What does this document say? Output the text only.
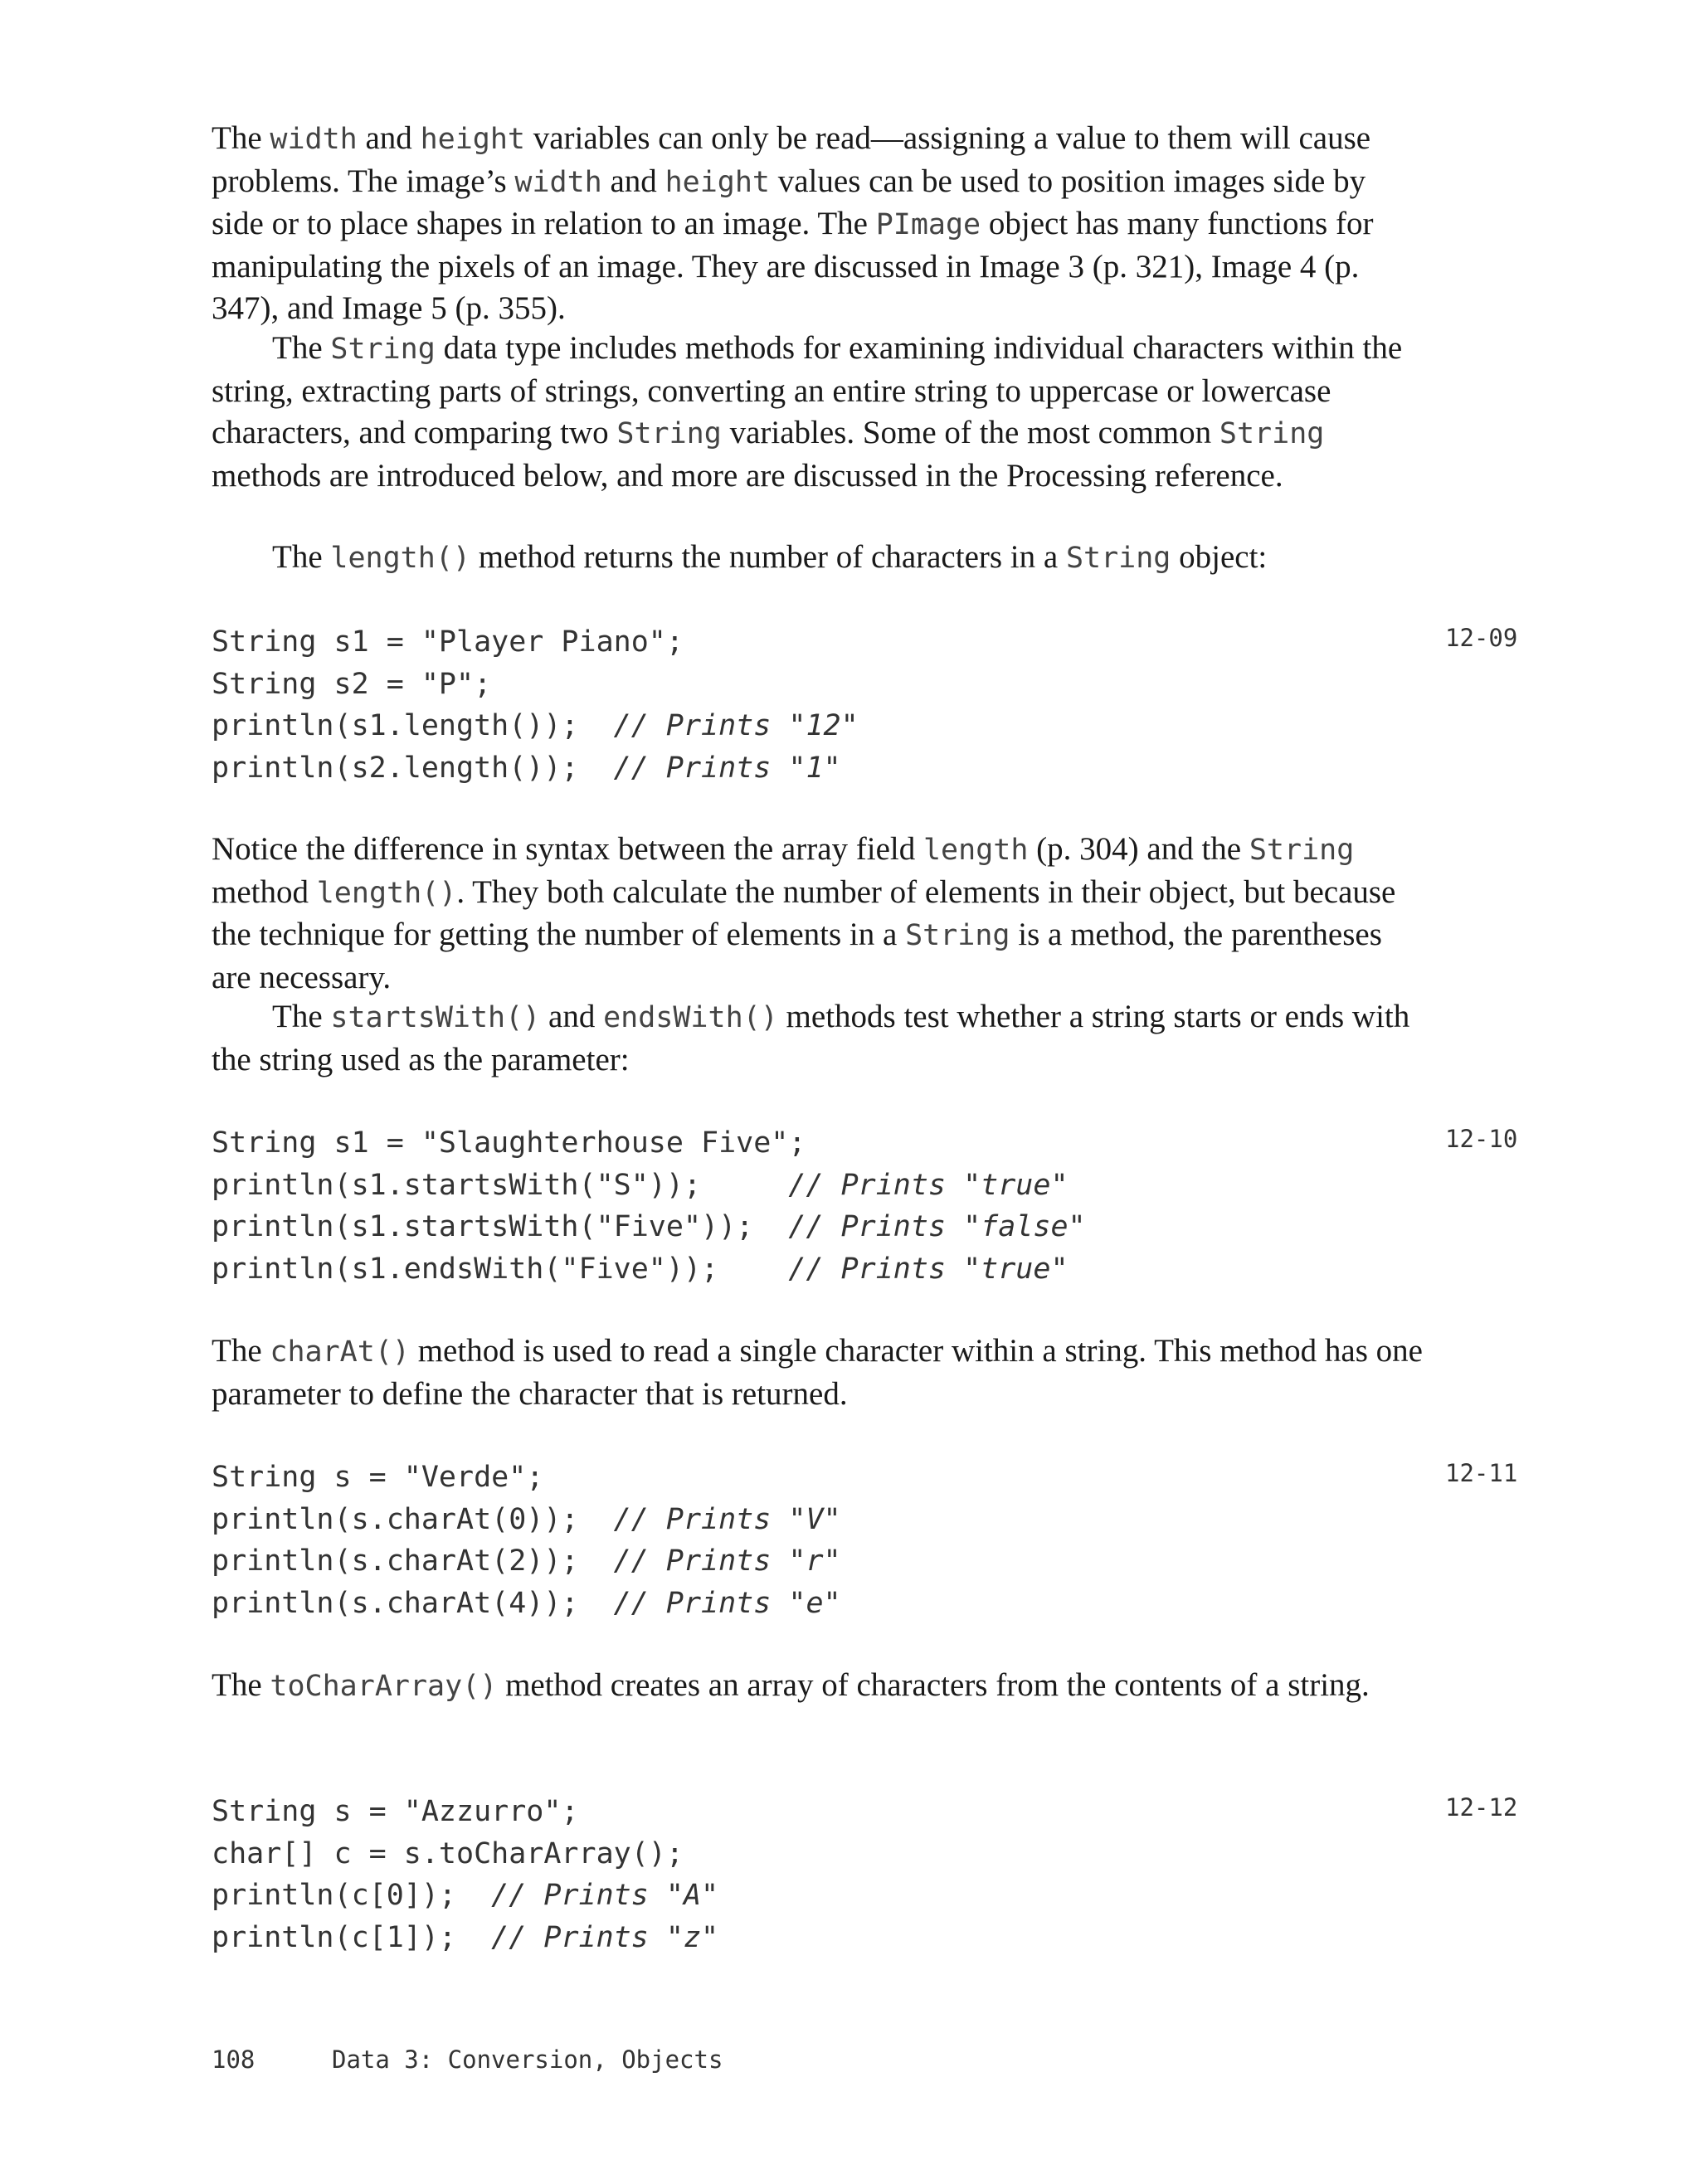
The width and height variables can only be read—assigning a value to them will cause problems. The image’s width and height values can be used to position images side by side or to place shapes in relation to an image. The PImage object has many functions for manipulating the pixels of an image. They are discussed in Image 3 (p. 321), Image 4 (p. 347), and Image 5 (p. 355).

The String data type includes methods for examining individual characters within the string, extracting parts of strings, converting an entire string to uppercase or lowercase characters, and comparing two String variables. Some of the most common String methods are introduced below, and more are discussed in the Processing reference.

The length() method returns the number of characters in a String object:

String s1 = "Player Piano";
String s2 = "P";
println(s1.length());  // Prints "12"
println(s2.length());  // Prints "1"
12-09

Notice the difference in syntax between the array field length (p. 304) and the String method length(). They both calculate the number of elements in their object, but because the technique for getting the number of elements in a String is a method, the parentheses are necessary.

The startsWith() and endsWith() methods test whether a string starts or ends with the string used as the parameter:

String s1 = "Slaughterhouse Five";
println(s1.startsWith("S"));     // Prints "true"
println(s1.startsWith("Five"));  // Prints "false"
println(s1.endsWith("Five"));    // Prints "true"
12-10

The charAt() method is used to read a single character within a string. This method has one parameter to define the character that is returned.

String s = "Verde";
println(s.charAt(0));  // Prints "V"
println(s.charAt(2));  // Prints "r"
println(s.charAt(4));  // Prints "e"
12-11

The toCharArray() method creates an array of characters from the contents of a string.

String s = "Azzurro";
char[] c = s.toCharArray();
println(c[0]);  // Prints "A"
println(c[1]);  // Prints "z"
12-12
108	Data 3: Conversion, Objects
